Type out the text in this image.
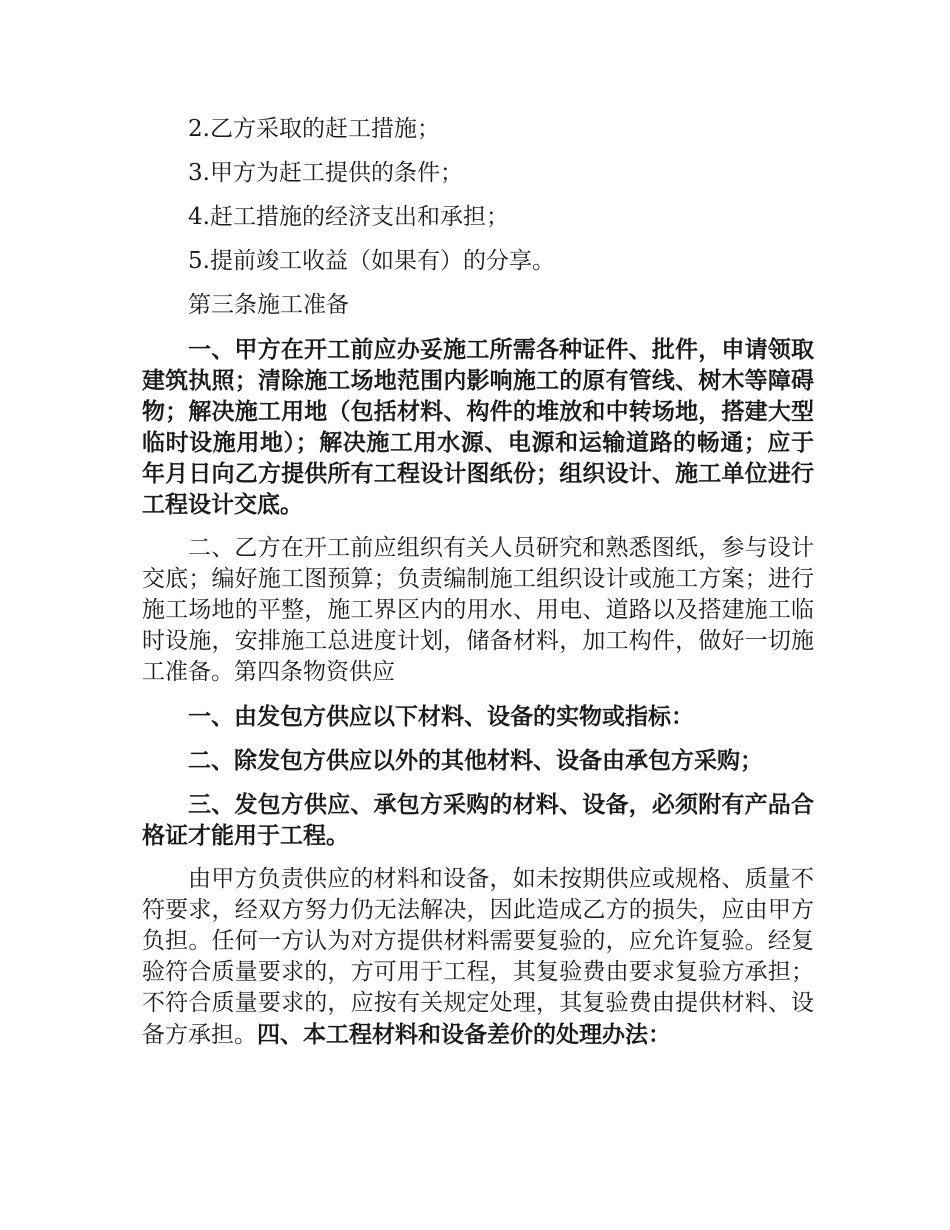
2.乙方采取的赶工措施；

3.甲方为赶工提供的条件；

4.赶工措施的经济支出和承担；

5.提前竣工收益（如果有）的分享。

第三条施工准备

一、甲方在开工前应办妥施工所需各种证件、批件，申请领取建筑执照；清除施工场地范围内影响施工的原有管线、树木等障碍物；解决施工用地（包括材料、构件的堆放和中转场地，搭建大型临时设施用地）；解决施工用水源、电源和运输道路的畅通；应于年月日向乙方提供所有工程设计图纸份；组织设计、施工单位进行工程设计交底。

二、乙方在开工前应组织有关人员研究和熟悉图纸，参与设计交底；编好施工图预算；负责编制施工组织设计或施工方案；进行施工场地的平整，施工界区内的用水、用电、道路以及搭建施工临时设施，安排施工总进度计划，储备材料，加工构件，做好一切施工准备。第四条物资供应

一、由发包方供应以下材料、设备的实物或指标：

二、除发包方供应以外的其他材料、设备由承包方采购；

三、发包方供应、承包方采购的材料、设备，必须附有产品合格证才能用于工程。

由甲方负责供应的材料和设备，如未按期供应或规格、质量不符要求，经双方努力仍无法解决，因此造成乙方的损失，应由甲方负担。任何一方认为对方提供材料需要复验的，应允许复验。经复验符合质量要求的，方可用于工程，其复验费由要求复验方承担；不符合质量要求的，应按有关规定处理，其复验费由提供材料、设备方承担。四、本工程材料和设备差价的处理办法：
